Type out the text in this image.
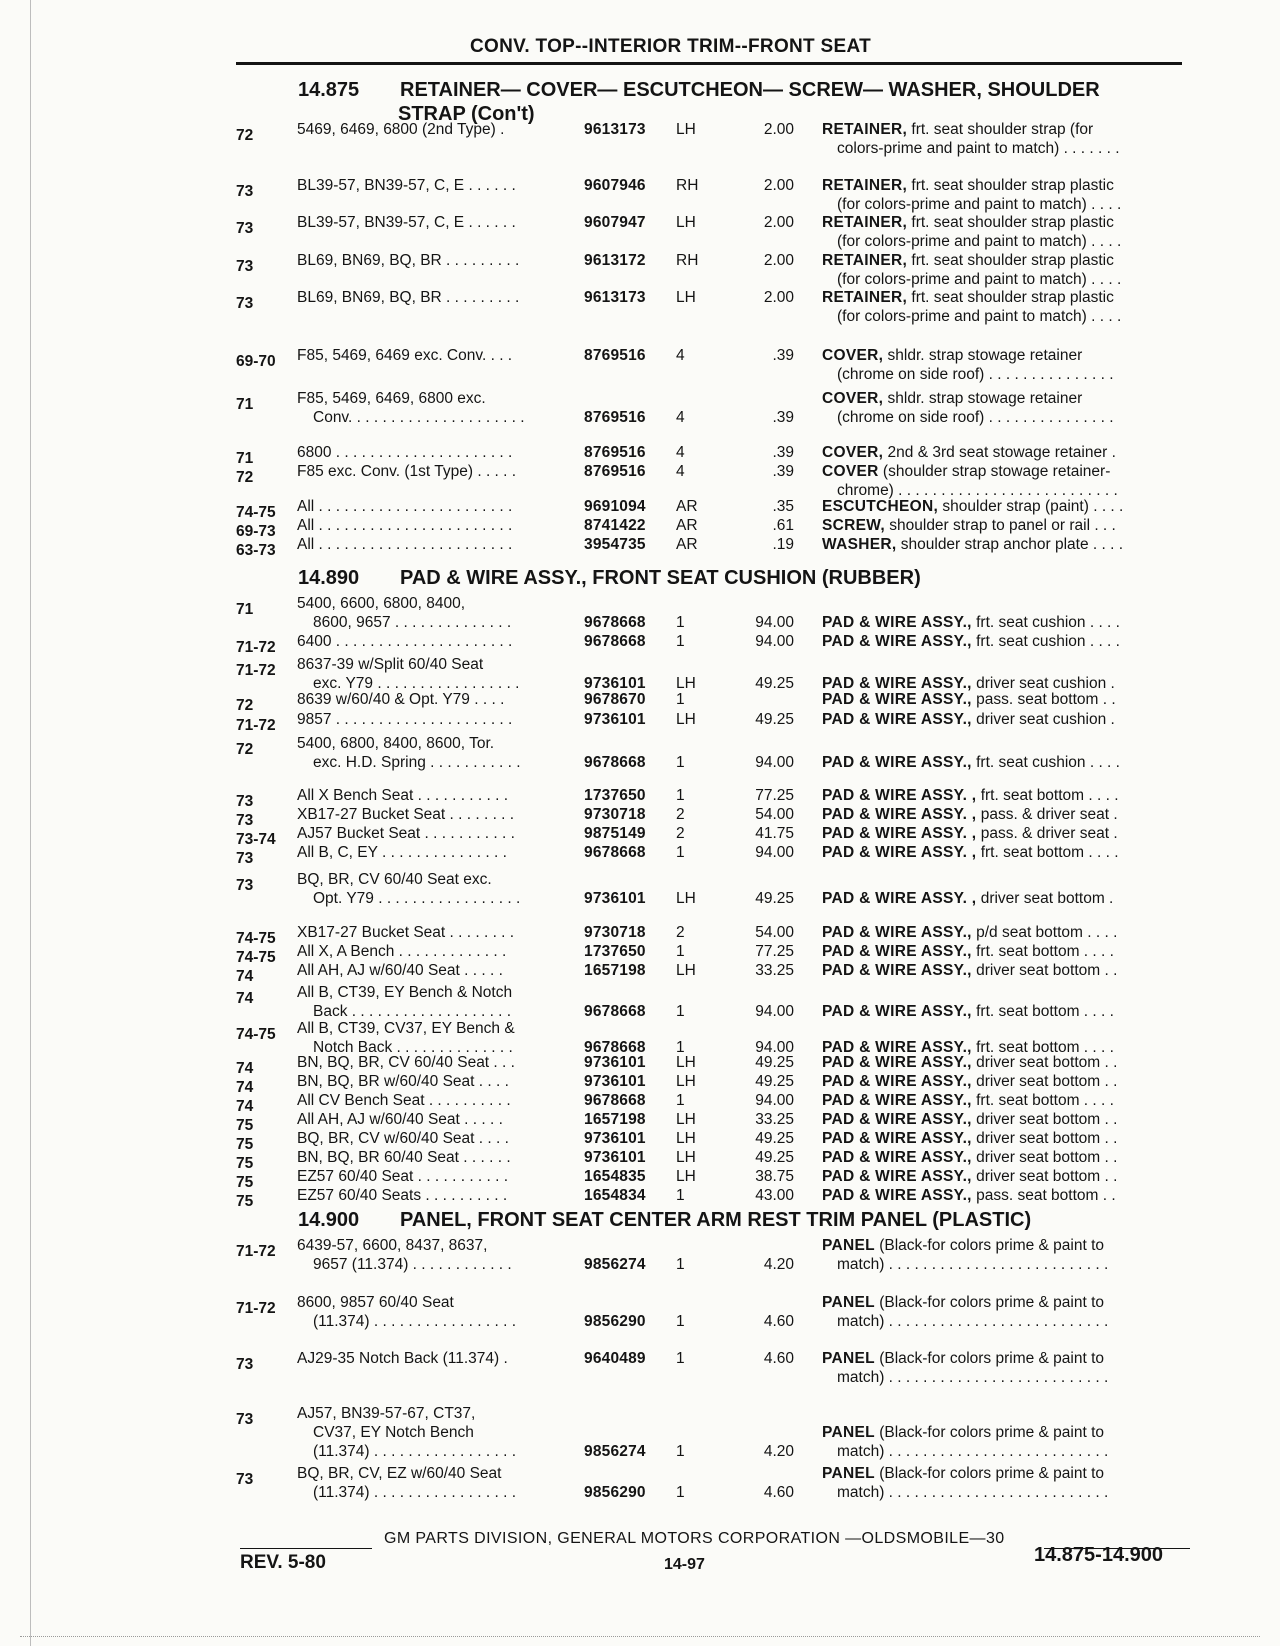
CONV. TOP--INTERIOR TRIM--FRONT SEAT
14.875 RETAINER— COVER— ESCUTCHEON— SCREW— WASHER, SHOULDER
STRAP (Con't)
14.890 PAD & WIRE ASSY., FRONT SEAT CUSHION (RUBBER)
14.900 PANEL, FRONT SEAT CENTER ARM REST TRIM PANEL (PLASTIC)
72	5469, 6469, 6800 (2nd Type) .	9613173 LH	2.00 RETAINER, frt. seat shoulder strap (for
colors-prime and paint to match) . . . . . . .
73	BL39-57, BN39-57, C, E . . . . . .	9607946 RH	2.00 RETAINER, frt. seat shoulder strap plastic
(for colors-prime and paint to match) . . . .
73	BL39-57, BN39-57, C, E . . . . . .	9607947 LH	2.00 RETAINER, frt. seat shoulder strap plastic
(for colors-prime and paint to match) . . . .
73	BL69, BN69, BQ, BR . . . . . . . . .	9613172 RH	2.00 RETAINER, frt. seat shoulder strap plastic
(for colors-prime and paint to match) . . . .
73	BL69, BN69, BQ, BR . . . . . . . . .	9613173 LH	2.00 RETAINER, frt. seat shoulder strap plastic
(for colors-prime and paint to match) . . . .
69-70 F85, 5469, 6469 exc. Conv. . . .	8769516 4	.39 COVER, shldr. strap stowage retainer
(chrome on side roof) . . . . . . . . . . . . . . .
71	F85, 5469, 6469, 6800 exc.
Conv. . . . . . . . . . . . . . . . . . . . .	8769516 4	.39
COVER, shldr. strap stowage retainer
(chrome on side roof) . . . . . . . . . . . . . . .
71	6800 . . . . . . . . . . . . . . . . . . . . .	8769516 4	.39 COVER, 2nd & 3rd seat stowage retainer .
72	F85 exc. Conv. (1st Type) . . . . .	8769516 4	.39 COVER (shoulder strap stowage retainer-
chrome) . . . . . . . . . . . . . . . . . . . . . . . . . .
74-75 All . . . . . . . . . . . . . . . . . . . . . . .	9691094 AR	.35 ESCUTCHEON, shoulder strap (paint) . . . .
69-73 All . . . . . . . . . . . . . . . . . . . . . . .	8741422 AR	.61 SCREW, shoulder strap to panel or rail . . .
63-73 All . . . . . . . . . . . . . . . . . . . . . . .	3954735 AR	.19 WASHER, shoulder strap anchor plate . . . .
71	5400, 6600, 6800, 8400,
8600, 9657 . . . . . . . . . . . . . .	9678668 1	94.00 PAD & WIRE ASSY., frt. seat cushion . . . .
71-72 6400 . . . . . . . . . . . . . . . . . . . . .	9678668 1	94.00 PAD & WIRE ASSY., frt. seat cushion . . . .
71-72 8637-39 w/Split 60/40 Seat
exc. Y79 . . . . . . . . . . . . . . . . .	9736101 LH	49.25 PAD & WIRE ASSY., driver seat cushion .
72	8639 w/60/40 & Opt. Y79 . . . .	9678670 1	PAD & WIRE ASSY., pass. seat bottom . .
71-72 9857 . . . . . . . . . . . . . . . . . . . . .	9736101 LH	49.25 PAD & WIRE ASSY., driver seat cushion .
72	5400, 6800, 8400, 8600, Tor.
exc. H.D. Spring . . . . . . . . . . .	9678668 1	94.00 PAD & WIRE ASSY., frt. seat cushion . . . .
73	All X Bench Seat . . . . . . . . . . .	1737650 1	77.25 PAD & WIRE ASSY. , frt. seat bottom . . . .
73	XB17-27 Bucket Seat . . . . . . . .	9730718 2	54.00 PAD & WIRE ASSY. , pass. & driver seat .
73-74 AJ57 Bucket Seat . . . . . . . . . . .	9875149 2	41.75 PAD & WIRE ASSY. , pass. & driver seat .
73	All B, C, EY . . . . . . . . . . . . . . .	9678668 1	94.00 PAD & WIRE ASSY. , frt. seat bottom . . . .
73	BQ, BR, CV 60/40 Seat exc.
Opt. Y79 . . . . . . . . . . . . . . . . .	9736101 LH	49.25 PAD & WIRE ASSY. , driver seat bottom .
74-75 XB17-27 Bucket Seat . . . . . . . .	9730718 2	54.00 PAD & WIRE ASSY., p/d seat bottom . . . .
74-75 All X, A Bench . . . . . . . . . . . . .	1737650 1	77.25 PAD & WIRE ASSY., frt. seat bottom . . . .
74	All AH, AJ w/60/40 Seat . . . . .	1657198 LH	33.25 PAD & WIRE ASSY., driver seat bottom . .
74	All B, CT39, EY Bench & Notch
Back . . . . . . . . . . . . . . . . . . .	9678668 1	94.00 PAD & WIRE ASSY., frt. seat bottom . . . .
74-75 All B, CT39, CV37, EY Bench &
Notch Back . . . . . . . . . . . . . .	9678668 1	94.00 PAD & WIRE ASSY., frt. seat bottom . . . .
74	BN, BQ, BR, CV 60/40 Seat . . .	9736101 LH	49.25 PAD & WIRE ASSY., driver seat bottom . .
74	BN, BQ, BR w/60/40 Seat . . . .	9736101 LH	49.25 PAD & WIRE ASSY., driver seat bottom . .
74	All CV Bench Seat . . . . . . . . . .	9678668 1	94.00 PAD & WIRE ASSY., frt. seat bottom . . . .
75	All AH, AJ w/60/40 Seat . . . . .	1657198 LH	33.25 PAD & WIRE ASSY., driver seat bottom . .
75	BQ, BR, CV w/60/40 Seat . . . .	9736101 LH	49.25 PAD & WIRE ASSY., driver seat bottom . .
75	BN, BQ, BR 60/40 Seat . . . . . .	9736101 LH	49.25 PAD & WIRE ASSY., driver seat bottom . .
75	EZ57 60/40 Seat . . . . . . . . . . .	1654835 LH	38.75 PAD & WIRE ASSY., driver seat bottom . .
75	EZ57 60/40 Seats . . . . . . . . . .	1654834 1	43.00 PAD & WIRE ASSY., pass. seat bottom . .
71-72 6439-57, 6600, 8437, 8637,
9657 (11.374) . . . . . . . . . . . .	9856274 1	4.20
PANEL (Black-for colors prime & paint to
match) . . . . . . . . . . . . . . . . . . . . . . . . . .
71-72 8600, 9857 60/40 Seat
(11.374) . . . . . . . . . . . . . . . . .	9856290 1	4.60
PANEL (Black-for colors prime & paint to
match) . . . . . . . . . . . . . . . . . . . . . . . . . .
73	AJ29-35 Notch Back (11.374) .	9640489 1	4.60 PANEL (Black-for colors prime & paint to
match) . . . . . . . . . . . . . . . . . . . . . . . . . .
73	AJ57, BN39-57-67, CT37,
CV37, EY Notch Bench
(11.374) . . . . . . . . . . . . . . . . .	9856274 1	4.20
PANEL (Black-for colors prime & paint to
match) . . . . . . . . . . . . . . . . . . . . . . . . . .
73	BQ, BR, CV, EZ w/60/40 Seat
(11.374) . . . . . . . . . . . . . . . . .	9856290 1	4.60
PANEL (Black-for colors prime & paint to
match) . . . . . . . . . . . . . . . . . . . . . . . . . .
GM PARTS DIVISION, GENERAL MOTORS CORPORATION —OLDSMOBILE—30
REV. 5-80	14-97	14.875-14.900
